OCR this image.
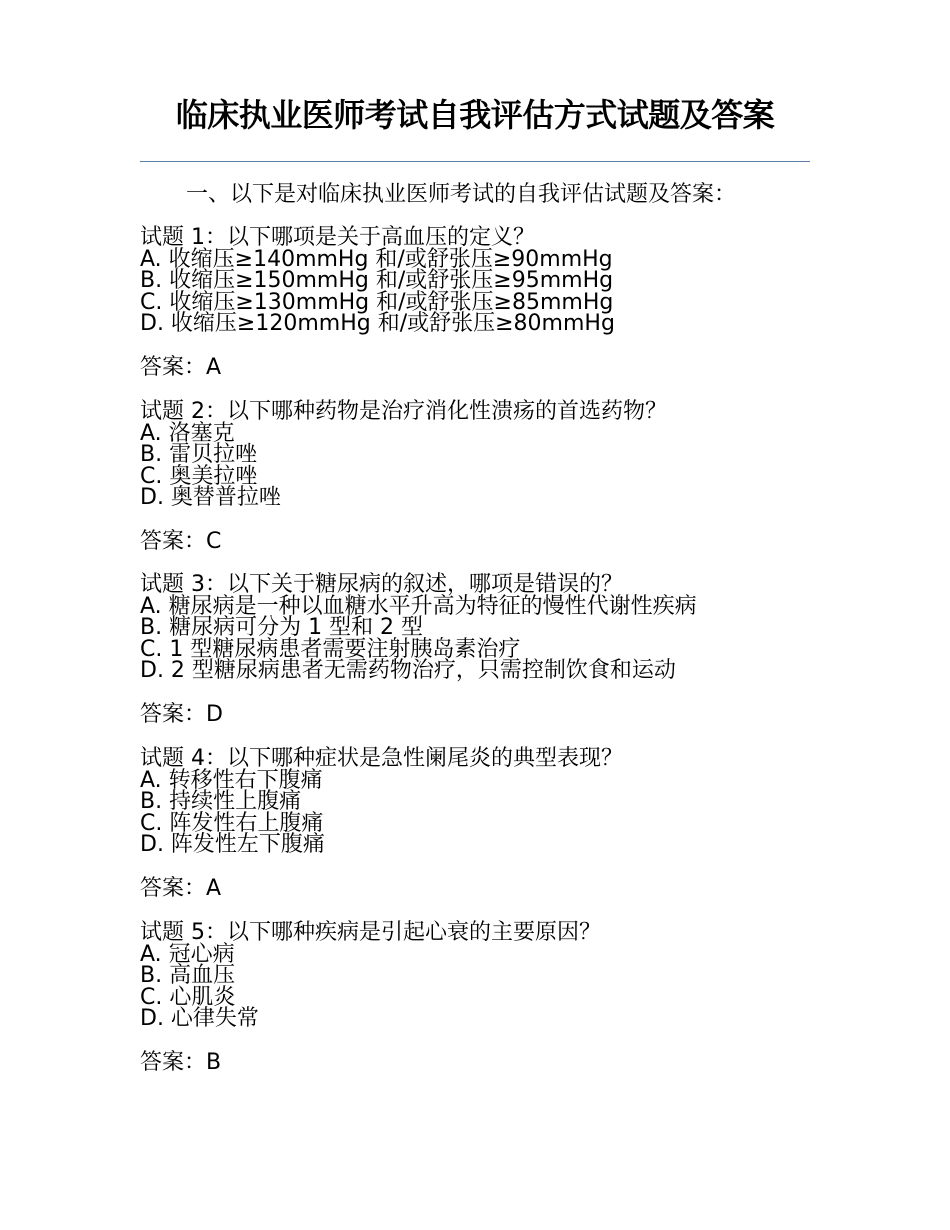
临床执业医师考试自我评估方式试题及答案
一、以下是对临床执业医师考试的自我评估试题及答案：
试题 1：以下哪项是关于高血压的定义？
A. 收缩压≥140mmHg 和/或舒张压≥90mmHg
B. 收缩压≥150mmHg 和/或舒张压≥95mmHg
C. 收缩压≥130mmHg 和/或舒张压≥85mmHg
D. 收缩压≥120mmHg 和/或舒张压≥80mmHg
答案：A
试题 2：以下哪种药物是治疗消化性溃疡的首选药物？
A. 洛塞克
B. 雷贝拉唑
C. 奥美拉唑
D. 奥替普拉唑
答案：C
试题 3：以下关于糖尿病的叙述，哪项是错误的？
A. 糖尿病是一种以血糖水平升高为特征的慢性代谢性疾病
B. 糖尿病可分为 1 型和 2 型
C. 1 型糖尿病患者需要注射胰岛素治疗
D. 2 型糖尿病患者无需药物治疗，只需控制饮食和运动
答案：D
试题 4：以下哪种症状是急性阑尾炎的典型表现？
A. 转移性右下腹痛
B. 持续性上腹痛
C. 阵发性右上腹痛
D. 阵发性左下腹痛
答案：A
试题 5：以下哪种疾病是引起心衰的主要原因？
A. 冠心病
B. 高血压
C. 心肌炎
D. 心律失常
答案：B
